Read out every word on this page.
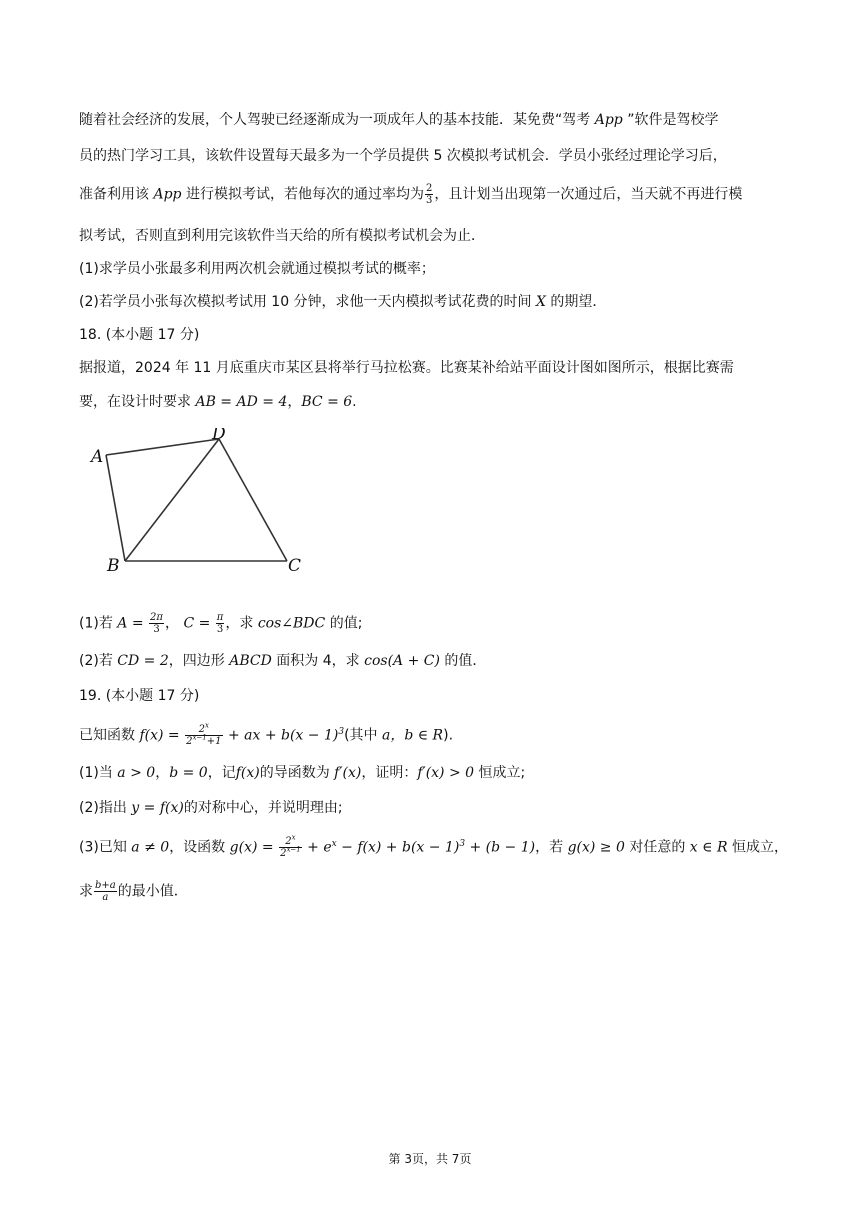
随着社会经济的发展，个人驾驶已经逐渐成为一项成年人的基本技能．某免费“驾考 App ”软件是驾校学
员的热门学习工具，该软件设置每天最多为一个学员提供 5 次模拟考试机会．学员小张经过理论学习后，
准备利用该 App 进行模拟考试，若他每次的通过率均为 $\frac{2}{3}$ ，且计划当出现第一次通过后，当天就不再进行模
拟考试，否则直到利用完该软件当天给的所有模拟考试机会为止．
(1)求学员小张最多利用两次机会就通过模拟考试的概率；
(2)若学员小张每次模拟考试用 10 分钟，求他一天内模拟考试花费的时间 X 的期望．
18. (本小题 17 分)
据报道，2024 年 11 月底重庆市某区县将举行马拉松赛。比赛某补给站平面设计图如图所示，根据比赛需
要，在设计时要求 AB = AD = 4，BC = 6.
A
D
B	C
(1)若 $A = \frac{2\pi}{3}$ ， $C = \frac{\pi}{3}$ ，求 cos∠BDC 的值;
(2)若 CD = 2，四边形 ABCD 面积为 4，求 cos(A + C) 的值．
19. (本小题 17 分)
已知函数 $f(x) = \frac{2^x}{2^{x-1}+1}$ + ax + $b(x - 1)^3$(其中 a，b ∈ R).
(1)当 a > 0，b = 0，记f(x)的导函数为 f′(x)，证明：f′(x) > 0 恒成立;
(2)指出 y = f(x)的对称中心，并说明理由;
(3)已知 a ≠ 0，设函数 $g(x) = \frac{2^x}{2^{x-1}} + e^x - f(x) + b(x - 1)^3 + (b - 1)$，若 g(x) ≥ 0 对任意的 x ∈ R 恒成立，
求 $\frac{b+a}{a}$ 的最小值．
第 3页，共 7页
